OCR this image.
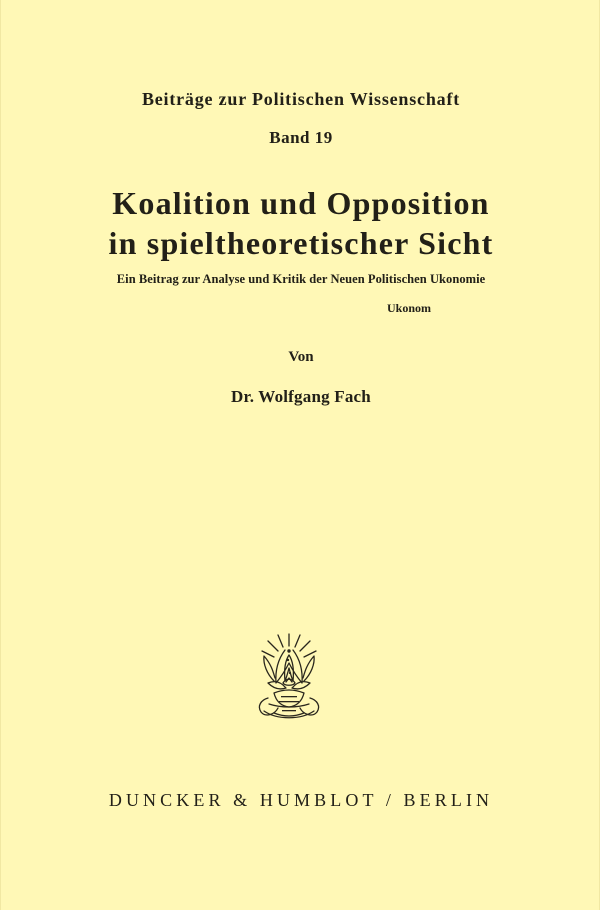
Beiträge zur Politischen Wissenschaft
Band 19
Koalition und Opposition
in spieltheoretischer Sicht
Ein Beitrag zur Analyse und Kritik der Neuen Politischen Ukonomie
Ukonom
Von
Dr. Wolfgang Fach
DUNCKER & HUMBLOT / BERLIN
